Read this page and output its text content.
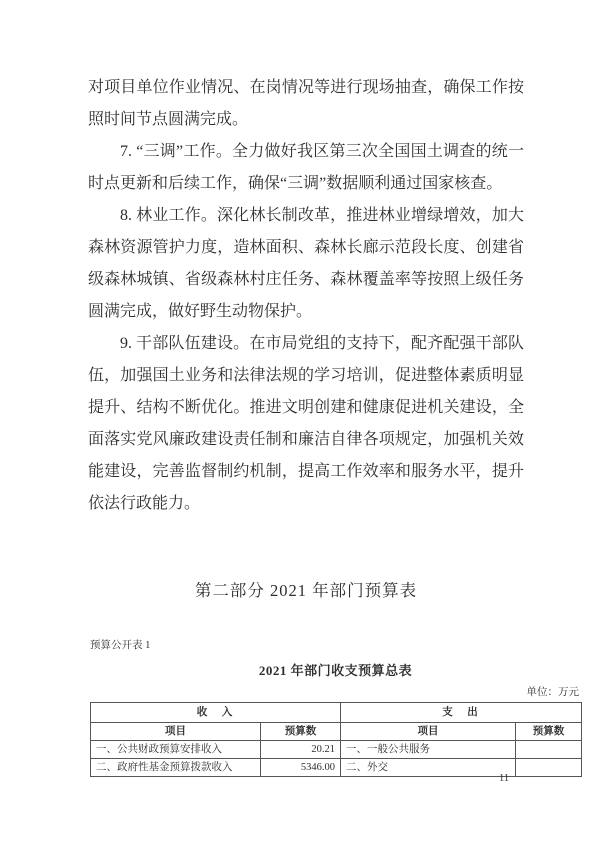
对项目单位作业情况、在岗情况等进行现场抽查，确保工作按照时间节点圆满完成。

7. “三调”工作。全力做好我区第三次全国国土调查的统一时点更新和后续工作，确保“三调”数据顺利通过国家核查。

8. 林业工作。深化林长制改革，推进林业增绿增效，加大森林资源管护力度，造林面积、森林长廊示范段长度、创建省级森林城镇、省级森林村庄任务、森林覆盖率等按照上级任务圆满完成，做好野生动物保护。

9. 干部队伍建设。在市局党组的支持下，配齐配强干部队伍，加强国土业务和法律法规的学习培训，促进整体素质明显提升、结构不断优化。推进文明创建和健康促进机关建设，全面落实党风廉政建设责任制和廉洁自律各项规定，加强机关效能建设，完善监督制约机制，提高工作效率和服务水平，提升依法行政能力。

第二部分 2021 年部门预算表
预算公开表 1
2021 年部门收支预算总表
单位：万元
收　入		支　出	
项目	预算数	项目	预算数
一、公共财政预算安排收入	20.21	一、一般公共服务	
二、政府性基金预算拨款收入	5346.00	二、外交	
11
